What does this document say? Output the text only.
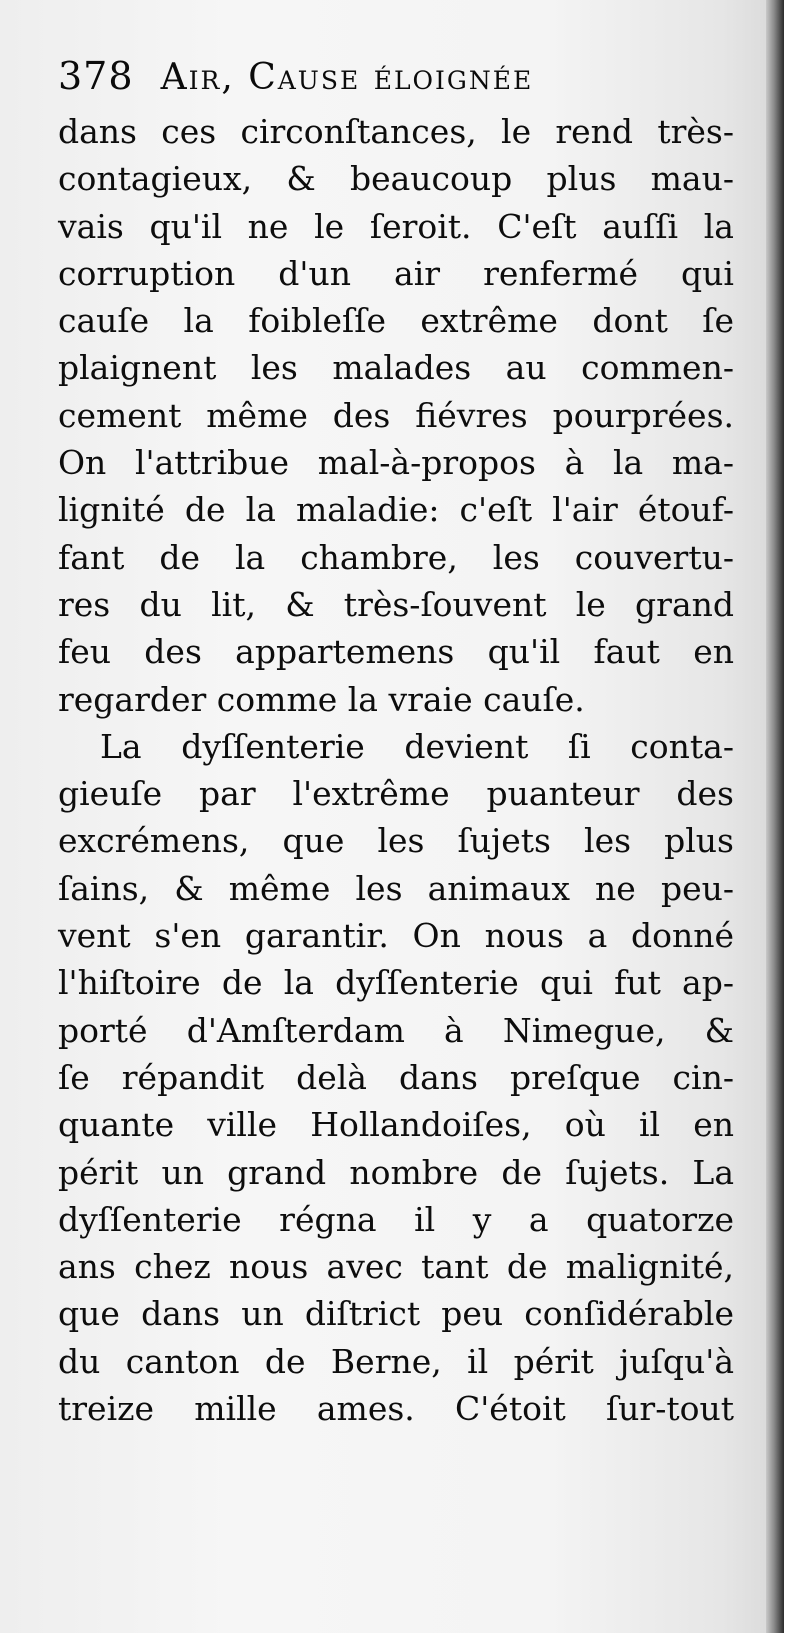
378 Air, Cause éloignée
dans ces circonſtances, le rend très-
contagieux, & beaucoup plus mau-
vais qu'il ne le ſeroit. C'eſt auſſi la
corruption d'un air renfermé qui
cauſe la foibleſſe extrême dont ſe
plaignent les malades au commen-
cement même des fiévres pourprées.
On l'attribue mal-à-propos à la ma-
lignité de la maladie: c'eſt l'air étouf-
fant de la chambre, les couvertu-
res du lit, & très-ſouvent le grand
feu des appartemens qu'il faut en
regarder comme la vraie cauſe.
La dyſſenterie devient ſi conta-
gieuſe par l'extrême puanteur des
excrémens, que les ſujets les plus
ſains, & même les animaux ne peu-
vent s'en garantir. On nous a donné
l'hiſtoire de la dyſſenterie qui fut ap-
porté d'Amſterdam à Nimegue, &
ſe répandit delà dans preſque cin-
quante ville Hollandoiſes, où il en
périt un grand nombre de ſujets. La
dyſſenterie régna il y a quatorze
ans chez nous avec tant de malignité,
que dans un diſtrict peu conſidérable
du canton de Berne, il périt juſqu'à
treize mille ames. C'étoit ſur-tout
